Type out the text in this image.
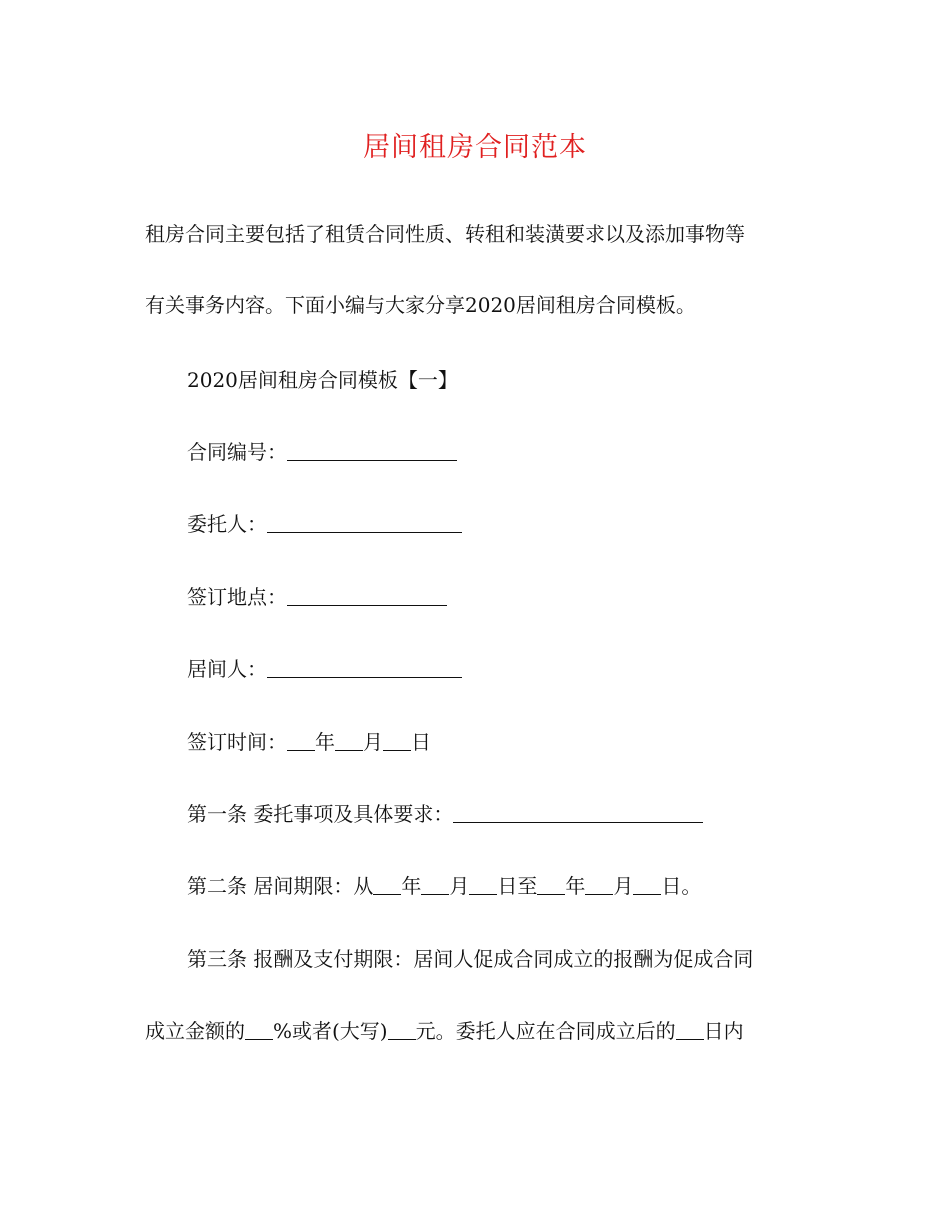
居间租房合同范本
租房合同主要包括了租赁合同性质、转租和装潢要求以及添加事物等
有关事务内容。下面小编与大家分享2020居间租房合同模板。
2020居间租房合同模板【一】
合同编号：
委托人：
签订地点：
居间人：
签订时间： 年 月 日
第一条 委托事项及具体要求：
第二条 居间期限：从 年 月 日至 年 月 日。
第三条 报酬及支付期限：居间人促成合同成立的报酬为促成合同
成立金额的 %或者(大写) 元。委托人应在合同成立后的 日内
